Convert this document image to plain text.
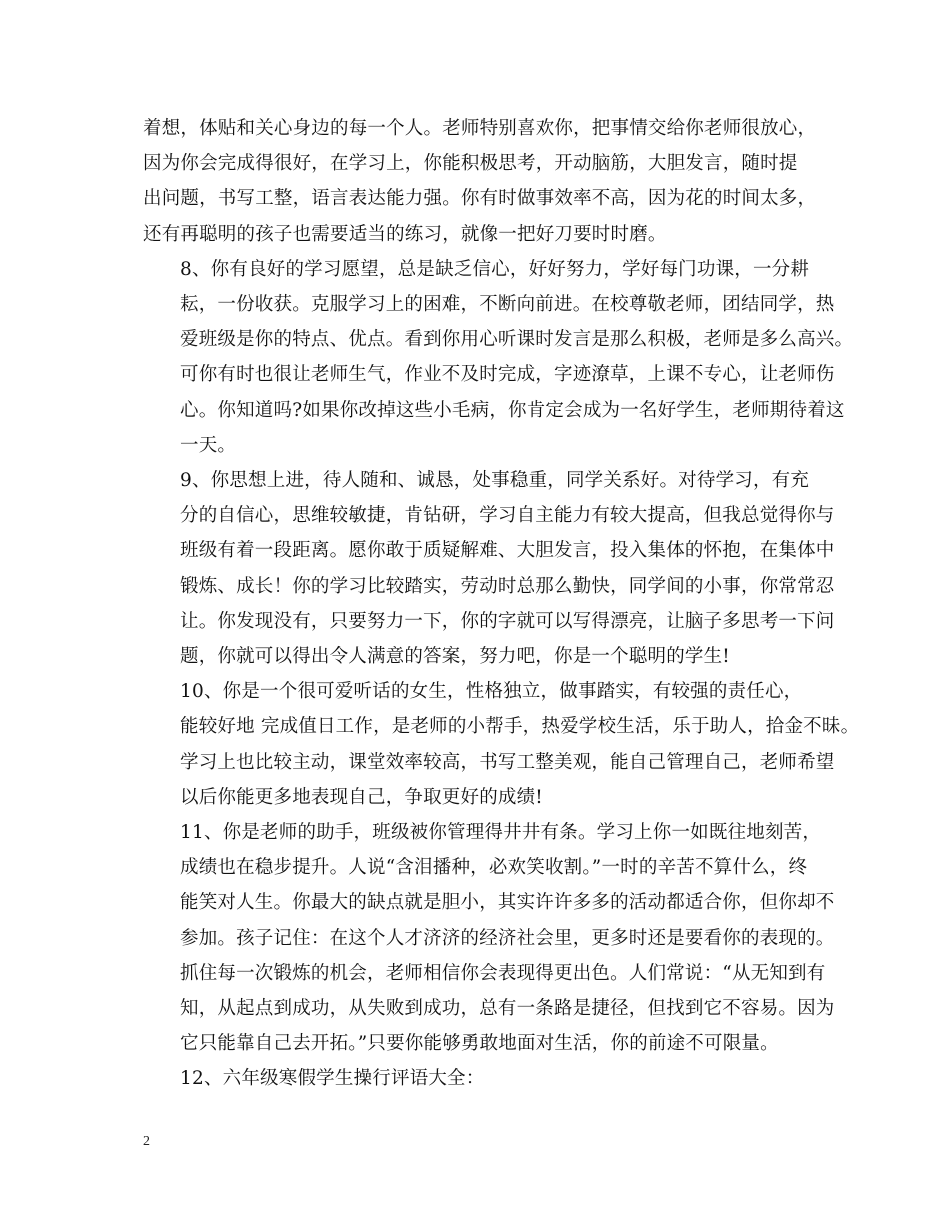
着想，体贴和关心身边的每一个人。老师特别喜欢你，把事情交给你老师很放心，
因为你会完成得很好，在学习上，你能积极思考，开动脑筋，大胆发言，随时提
出问题，书写工整，语言表达能力强。你有时做事效率不高，因为花的时间太多，
还有再聪明的孩子也需要适当的练习，就像一把好刀要时时磨。

8、你有良好的学习愿望，总是缺乏信心，好好努力，学好每门功课，一分耕
耘，一份收获。克服学习上的困难，不断向前进。在校尊敬老师，团结同学，热
爱班级是你的特点、优点。看到你用心听课时发言是那么积极，老师是多么高兴。
可你有时也很让老师生气，作业不及时完成，字迹潦草，上课不专心，让老师伤
心。你知道吗?如果你改掉这些小毛病，你肯定会成为一名好学生，老师期待着这
一天。

9、你思想上进，待人随和、诚恳，处事稳重，同学关系好。对待学习，有充
分的自信心，思维较敏捷，肯钻研，学习自主能力有较大提高，但我总觉得你与
班级有着一段距离。愿你敢于质疑解难、大胆发言，投入集体的怀抱，在集体中
锻炼、成长！你的学习比较踏实，劳动时总那么勤快，同学间的小事，你常常忍
让。你发现没有，只要努力一下，你的字就可以写得漂亮，让脑子多思考一下问
题，你就可以得出令人满意的答案，努力吧，你是一个聪明的学生!

10、你是一个很可爱听话的女生，性格独立，做事踏实，有较强的责任心，
能较好地 完成值日工作，是老师的小帮手，热爱学校生活，乐于助人，拾金不昧。
学习上也比较主动，课堂效率较高，书写工整美观，能自己管理自己，老师希望
以后你能更多地表现自己，争取更好的成绩!

11、你是老师的助手，班级被你管理得井井有条。学习上你一如既往地刻苦，
成绩也在稳步提升。人说“含泪播种，必欢笑收割。”一时的辛苦不算什么，终
能笑对人生。你最大的缺点就是胆小，其实许许多多的活动都适合你，但你却不
参加。孩子记住：在这个人才济济的经济社会里，更多时还是要看你的表现的。
抓住每一次锻炼的机会，老师相信你会表现得更出色。人们常说：“从无知到有
知，从起点到成功，从失败到成功，总有一条路是捷径，但找到它不容易。因为
它只能靠自己去开拓。”只要你能够勇敢地面对生活，你的前途不可限量。

12、六年级寒假学生操行评语大全：

2
